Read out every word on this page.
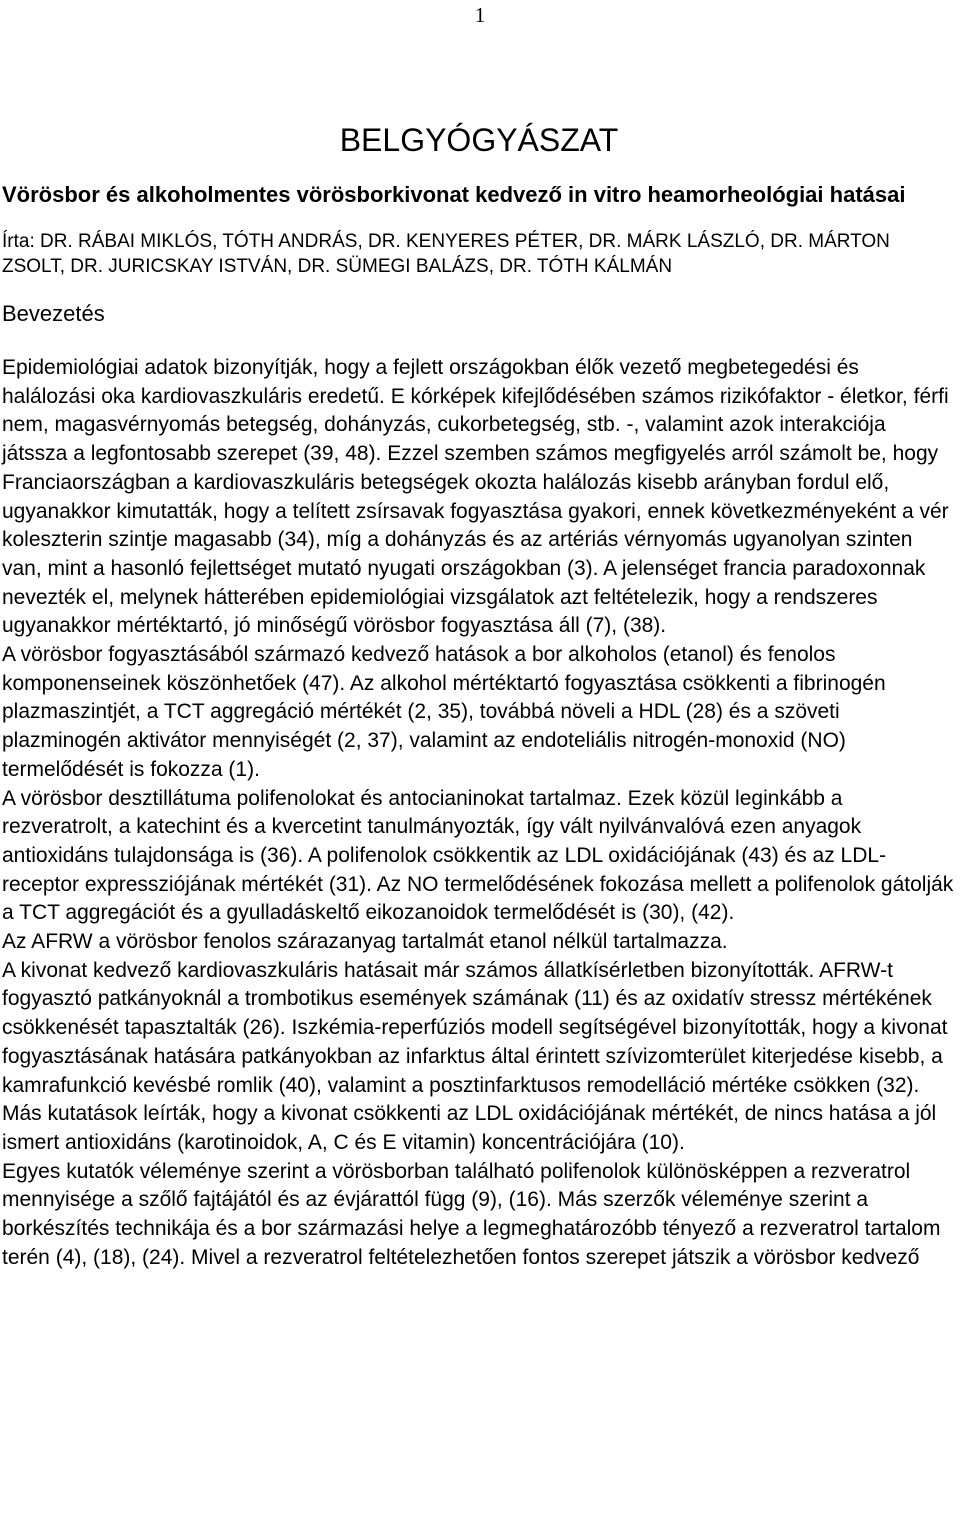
1
BELGYÓGYÁSZAT
Vörösbor és alkoholmentes vörösborkivonat kedvező in vitro heamorheológiai hatásai

Írta: DR. RÁBAI MIKLÓS, TÓTH ANDRÁS, DR. KENYERES PÉTER, DR. MÁRK LÁSZLÓ, DR. MÁRTON ZSOLT, DR. JURICSKAY ISTVÁN, DR. SÜMEGI BALÁZS, DR. TÓTH KÁLMÁN

Bevezetés

Epidemiológiai adatok bizonyítják, hogy a fejlett országokban élők vezető megbetegedési és halálozási oka kardiovaszkuláris eredetű. E kórképek kifejlődésében számos rizikófaktor - életkor, férfi nem, magasvérnyomás betegség, dohányzás, cukorbetegség, stb. -, valamint azok interakciója játssza a legfontosabb szerepet (39, 48). Ezzel szemben számos megfigyelés arról számolt be, hogy Franciaországban a kardiovaszkuláris betegségek okozta halálozás kisebb arányban fordul elő, ugyanakkor kimutatták, hogy a telített zsírsavak fogyasztása gyakori, ennek következményeként a vér koleszterin szintje magasabb (34), míg a dohányzás és az artériás vérnyomás ugyanolyan szinten van, mint a hasonló fejlettséget mutató nyugati országokban (3). A jelenséget francia paradoxonnak nevezték el, melynek hátterében epidemiológiai vizsgálatok azt feltételezik, hogy a rendszeres ugyanakkor mértéktartó, jó minőségű vörösbor fogyasztása áll (7), (38).

A vörösbor fogyasztásából származó kedvező hatások a bor alkoholos (etanol) és fenolos komponenseinek köszönhetőek (47). Az alkohol mértéktartó fogyasztása csökkenti a fibrinogén plazmaszintjét, a TCT aggregáció mértékét (2, 35), továbbá növeli a HDL (28) és a szöveti plazminogén aktivátor mennyiségét (2, 37), valamint az endoteliális nitrogén-monoxid (NO) termelődését is fokozza (1).

A vörösbor desztillátuma polifenolokat és antocianinokat tartalmaz. Ezek közül leginkább a rezveratrolt, a katechint és a kvercetint tanulmányozták, így vált nyilvánvalóvá ezen anyagok antioxidáns tulajdonsága is (36). A polifenolok csökkentik az LDL oxidációjának (43) és az LDL-receptor expressziójának mértékét (31). Az NO termelődésének fokozása mellett a polifenolok gátolják a TCT aggregációt és a gyulladáskeltő eikozanoidok termelődését is (30), (42).

Az AFRW a vörösbor fenolos szárazanyag tartalmát etanol nélkül tartalmazza.

A kivonat kedvező kardiovaszkuláris hatásait már számos állatkísérletben bizonyították. AFRW-t fogyasztó patkányoknál a trombotikus események számának (11) és az oxidatív stressz mértékének csökkenését tapasztalták (26). Iszkémia-reperfúziós modell segítségével bizonyították, hogy a kivonat fogyasztásának hatására patkányokban az infarktus által érintett szívizomterület kiterjedése kisebb, a kamrafunkció kevésbé romlik (40), valamint a posztinfarktusos remodelláció mértéke csökken (32). Más kutatások leírták, hogy a kivonat csökkenti az LDL oxidációjának mértékét, de nincs hatása a jól ismert antioxidáns (karotinoidok, A, C és E vitamin) koncentrációjára (10).

Egyes kutatók véleménye szerint a vörösborban található polifenolok különösképpen a rezveratrol mennyisége a szőlő fajtájától és az évjárattól függ (9), (16). Más szerzők véleménye szerint a borkészítés technikája és a bor származási helye a legmeghatározóbb tényező a rezveratrol tartalom terén (4), (18), (24). Mivel a rezveratrol feltételezhetően fontos szerepet játszik a vörösbor kedvező
